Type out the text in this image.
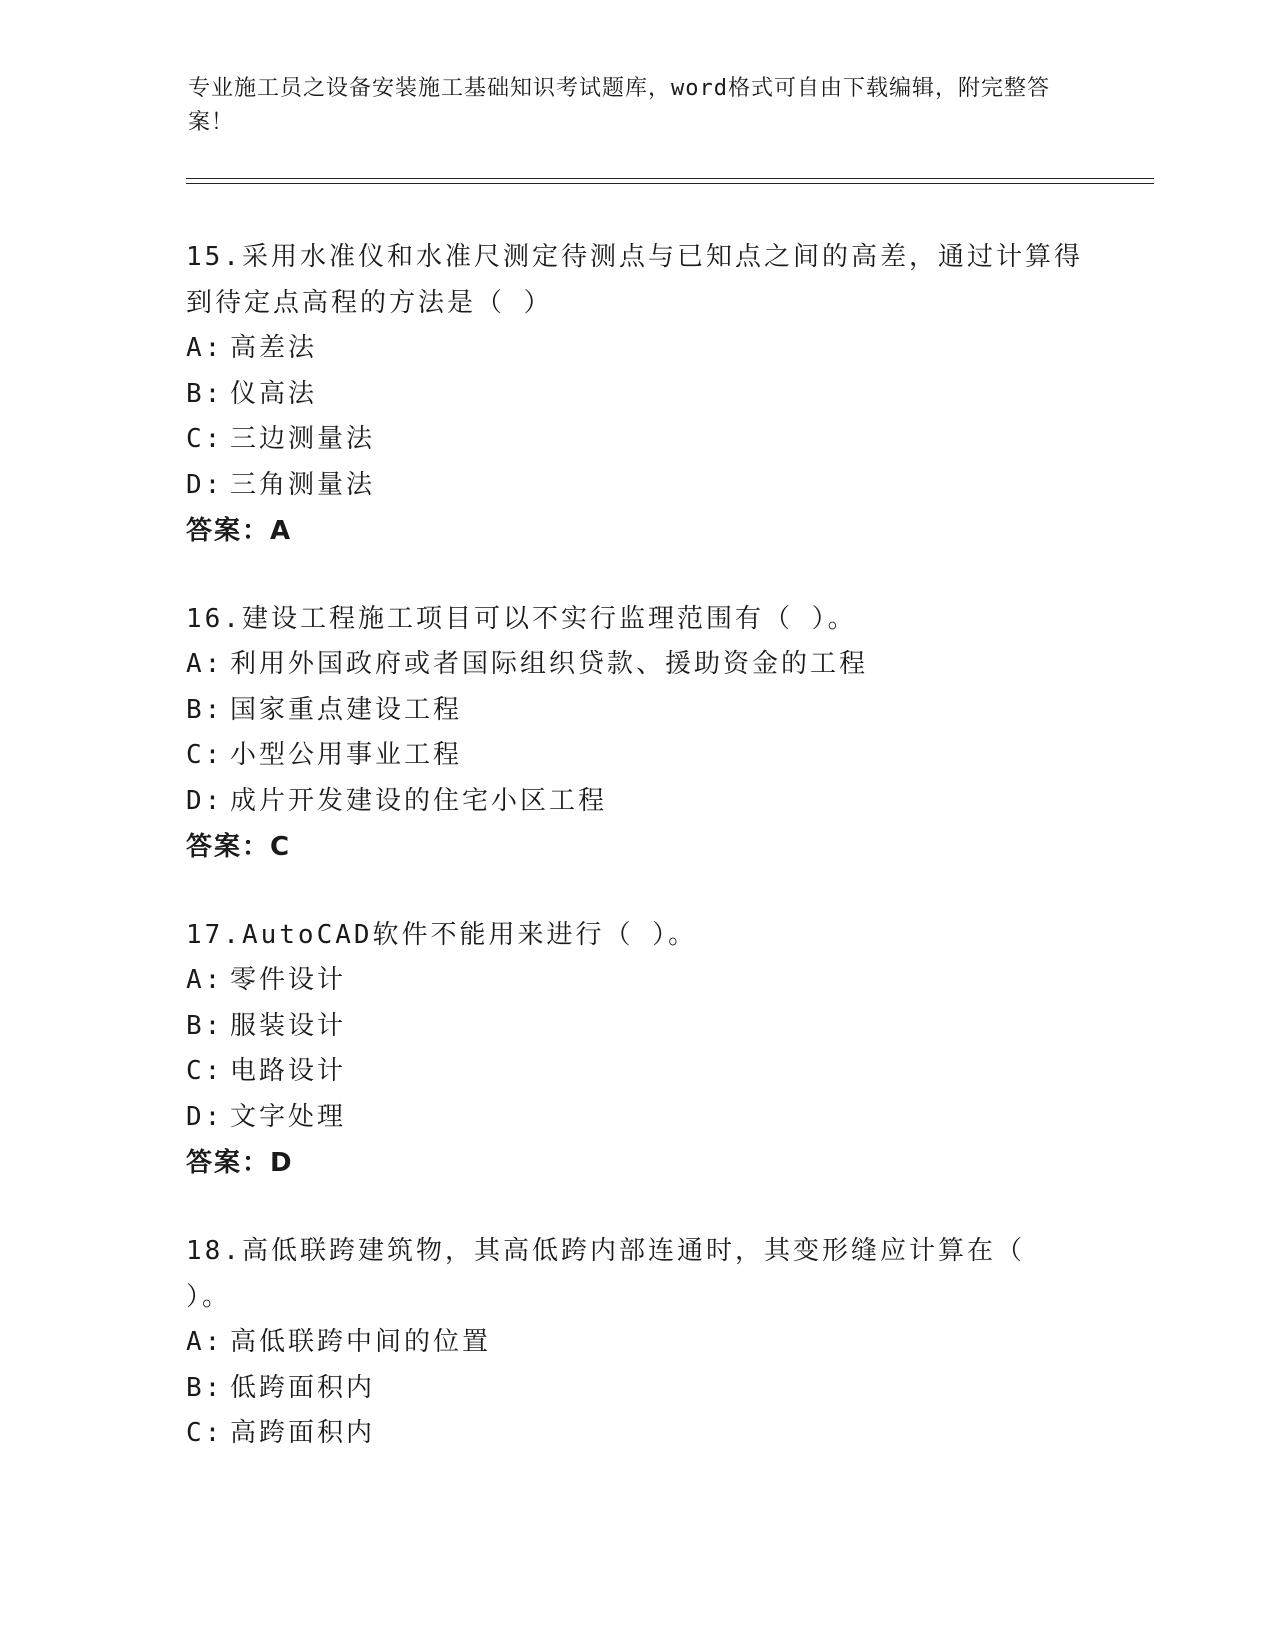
专业施工员之设备安装施工基础知识考试题库，word格式可自由下载编辑，附完整答案！

15.采用水准仪和水准尺测定待测点与已知点之间的高差，通过计算得到待定点高程的方法是（ ）

A: 高差法
B: 仪高法
C: 三边测量法
D: 三角测量法
答案：A

16.建设工程施工项目可以不实行监理范围有（ ）。

A: 利用外国政府或者国际组织贷款、援助资金的工程
B: 国家重点建设工程
C: 小型公用事业工程
D: 成片开发建设的住宅小区工程
答案：C

17.AutoCAD软件不能用来进行（ ）。

A: 零件设计
B: 服装设计
C: 电路设计
D: 文字处理
答案：D

18.高低联跨建筑物，其高低跨内部连通时，其变形缝应计算在（ ）。

A: 高低联跨中间的位置
B: 低跨面积内
C: 高跨面积内
